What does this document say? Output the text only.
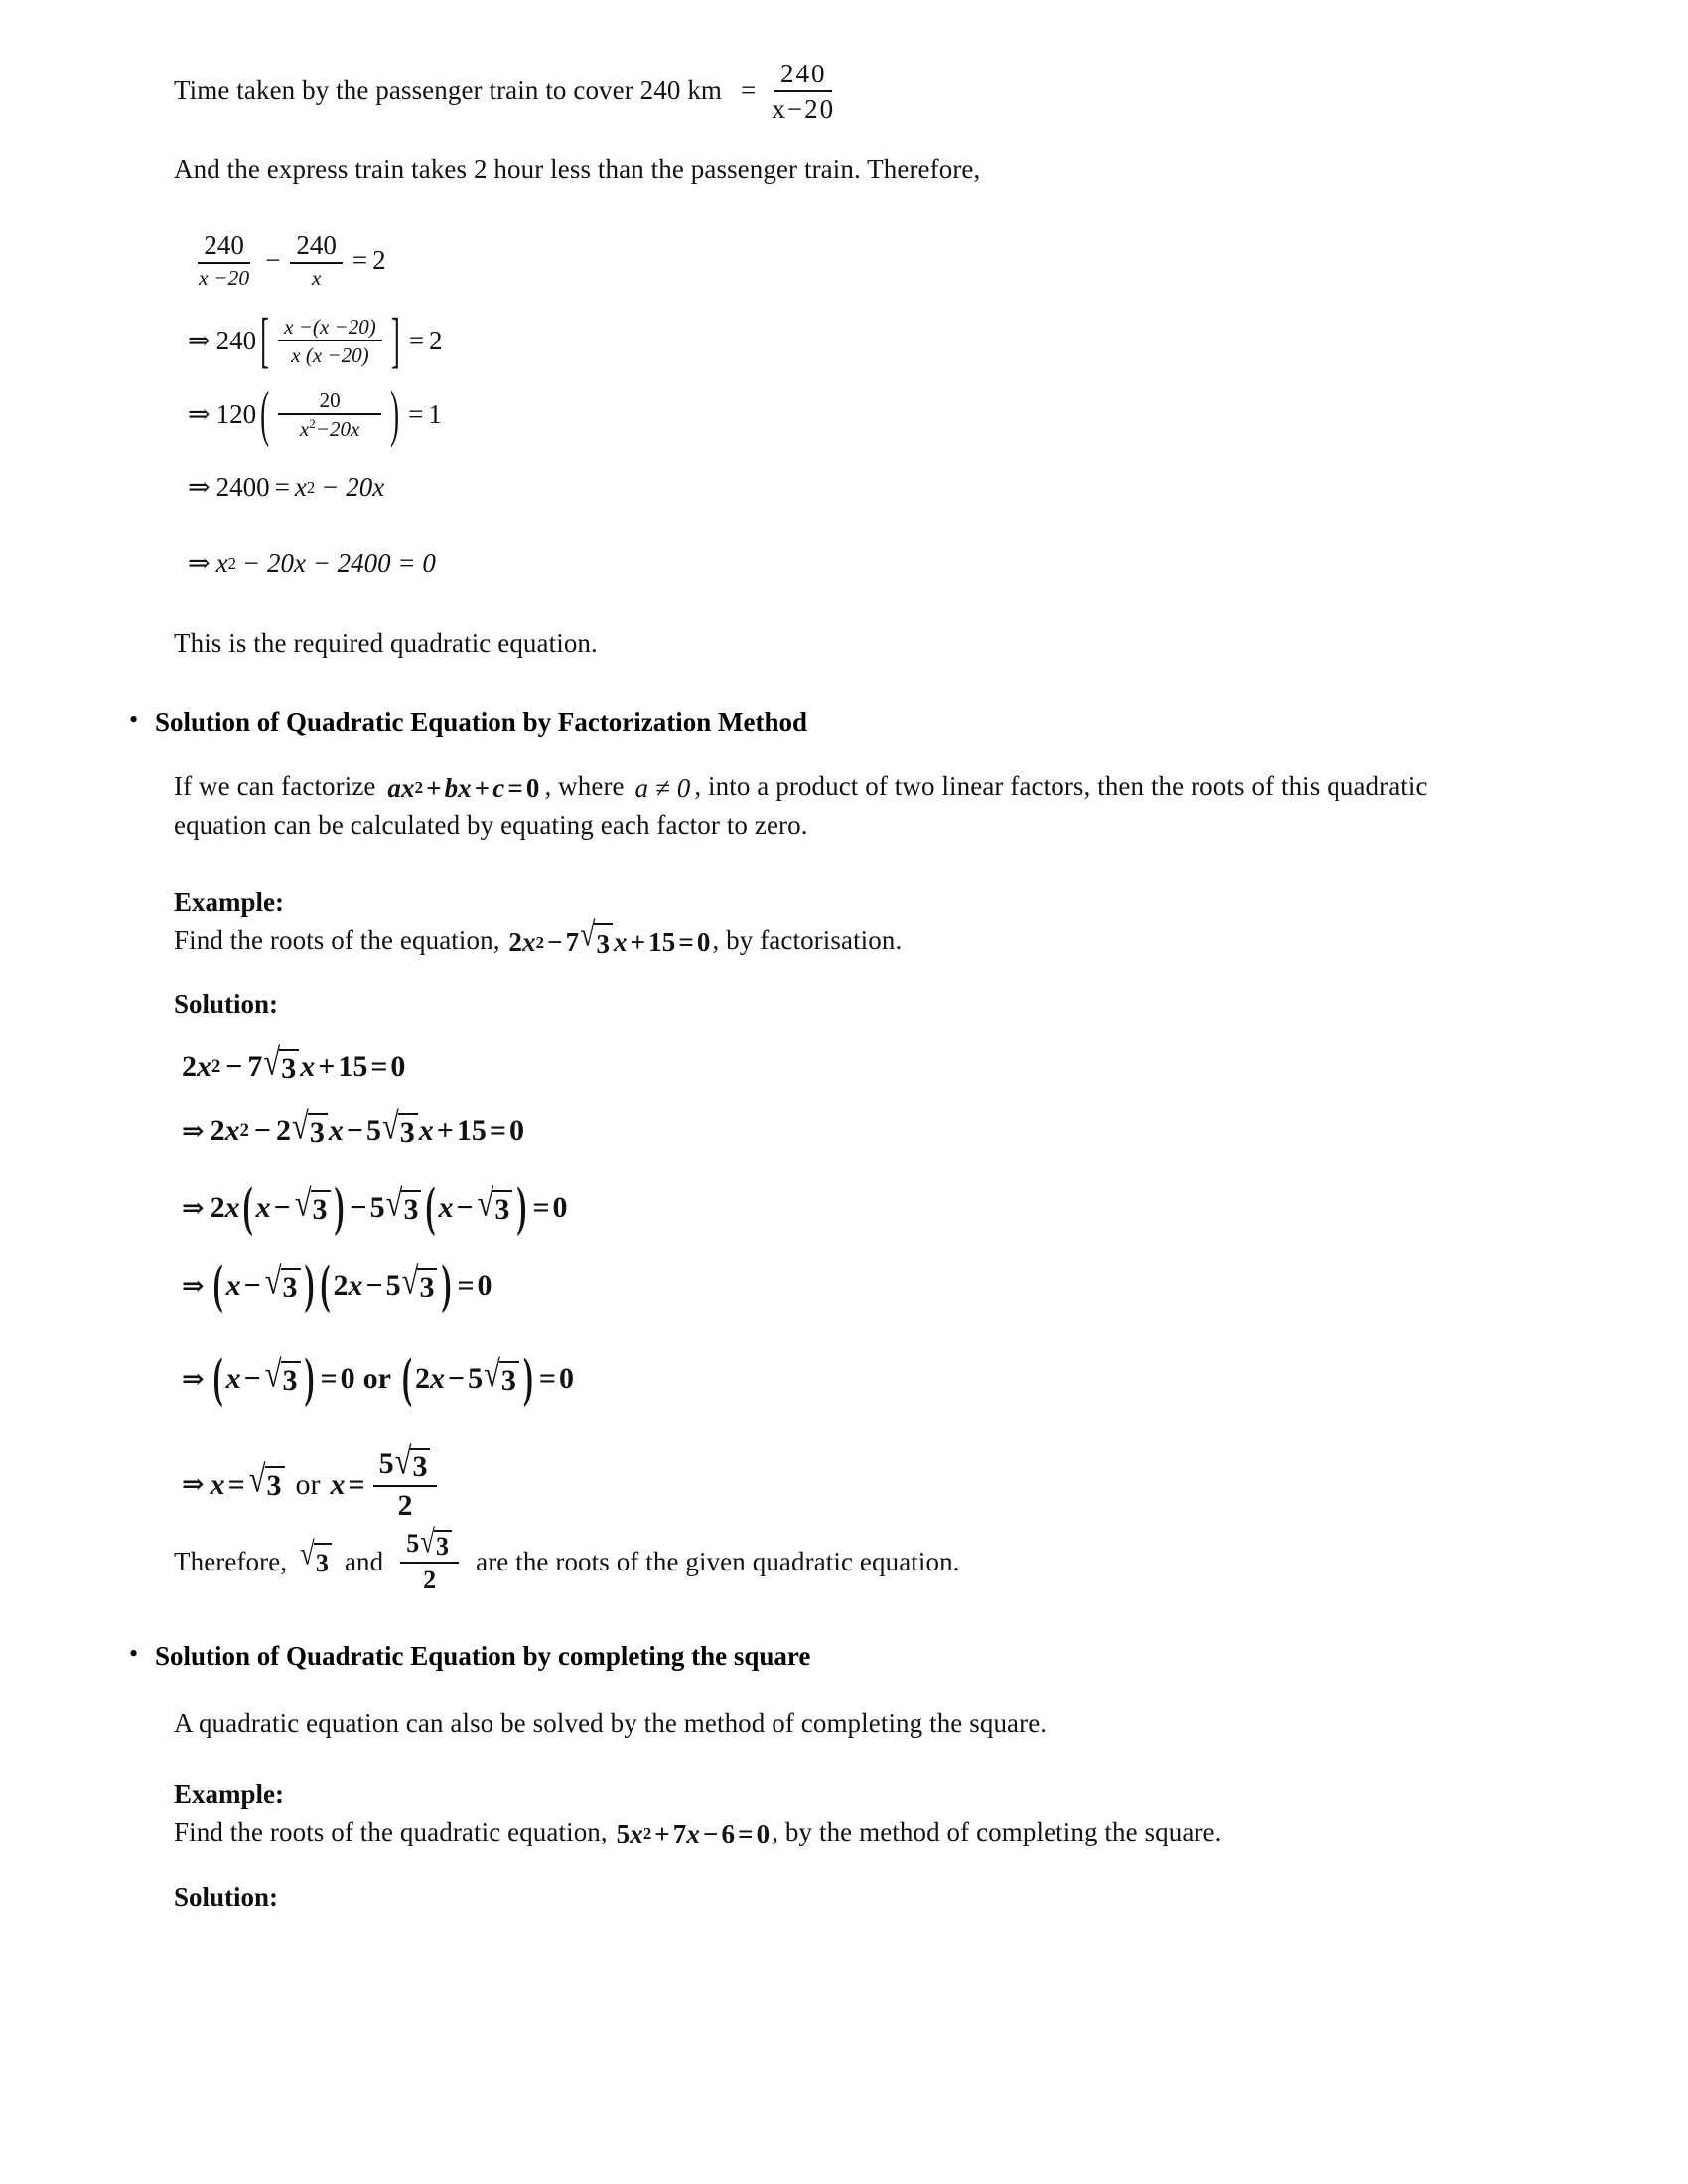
Time taken by the passenger train to cover 240 km = $\frac{240}{x-20}$

And the express train takes 2 hour less than the passenger train. Therefore,

$\frac{240}{x -20} - \frac{240}{x} = 2$
⇒ 240 [ $\frac{x -(x -20)}{x (x -20)}$ ] = 2
⇒ 120 ( $\frac{20}{x^2-20x}$ ) = 1
⇒ 2400 = x 2 − 20x
⇒ x 2 − 20x − 2400 = 0

This is the required quadratic equation.

• Solution of Quadratic Equation by Factorization Method

If we can factorize a x 2 + b x + c = 0 , where a ≠ 0 , into a product of two linear factors, then the roots of this quadratic equation can be calculated by equating each factor to zero.

Example:

Find the roots of the equation, 2 x 2 − 7 √ 3 x + 15 = 0 , by factorisation.

Solution:
2 x 2 − 7 √ 3 x + 15 = 0
⇒ 2 x 2 − 2 √ 3 x − 5 √ 3 x + 15 = 0
⇒ 2 x ( x − √ 3 ) − 5 √ 3 ( x − √ 3 ) = 0
⇒ ( x − √ 3 ) ( 2 x − 5 √ 3 ) = 0
⇒ ( x − √ 3 ) = 0 or ( 2 x − 5 √ 3 ) = 0
⇒ x = √ 3 or $x = \frac{5 √ 3}{2}$
Therefore, √ 3 and $\frac{5 √ 3}{2}$ are the roots of the given quadratic equation.
• Solution of Quadratic Equation by completing the square

A quadratic equation can also be solved by the method of completing the square.

Example:

Find the roots of the quadratic equation, 5 x 2 + 7 x − 6 = 0 , by the method of completing the square.

Solution:
